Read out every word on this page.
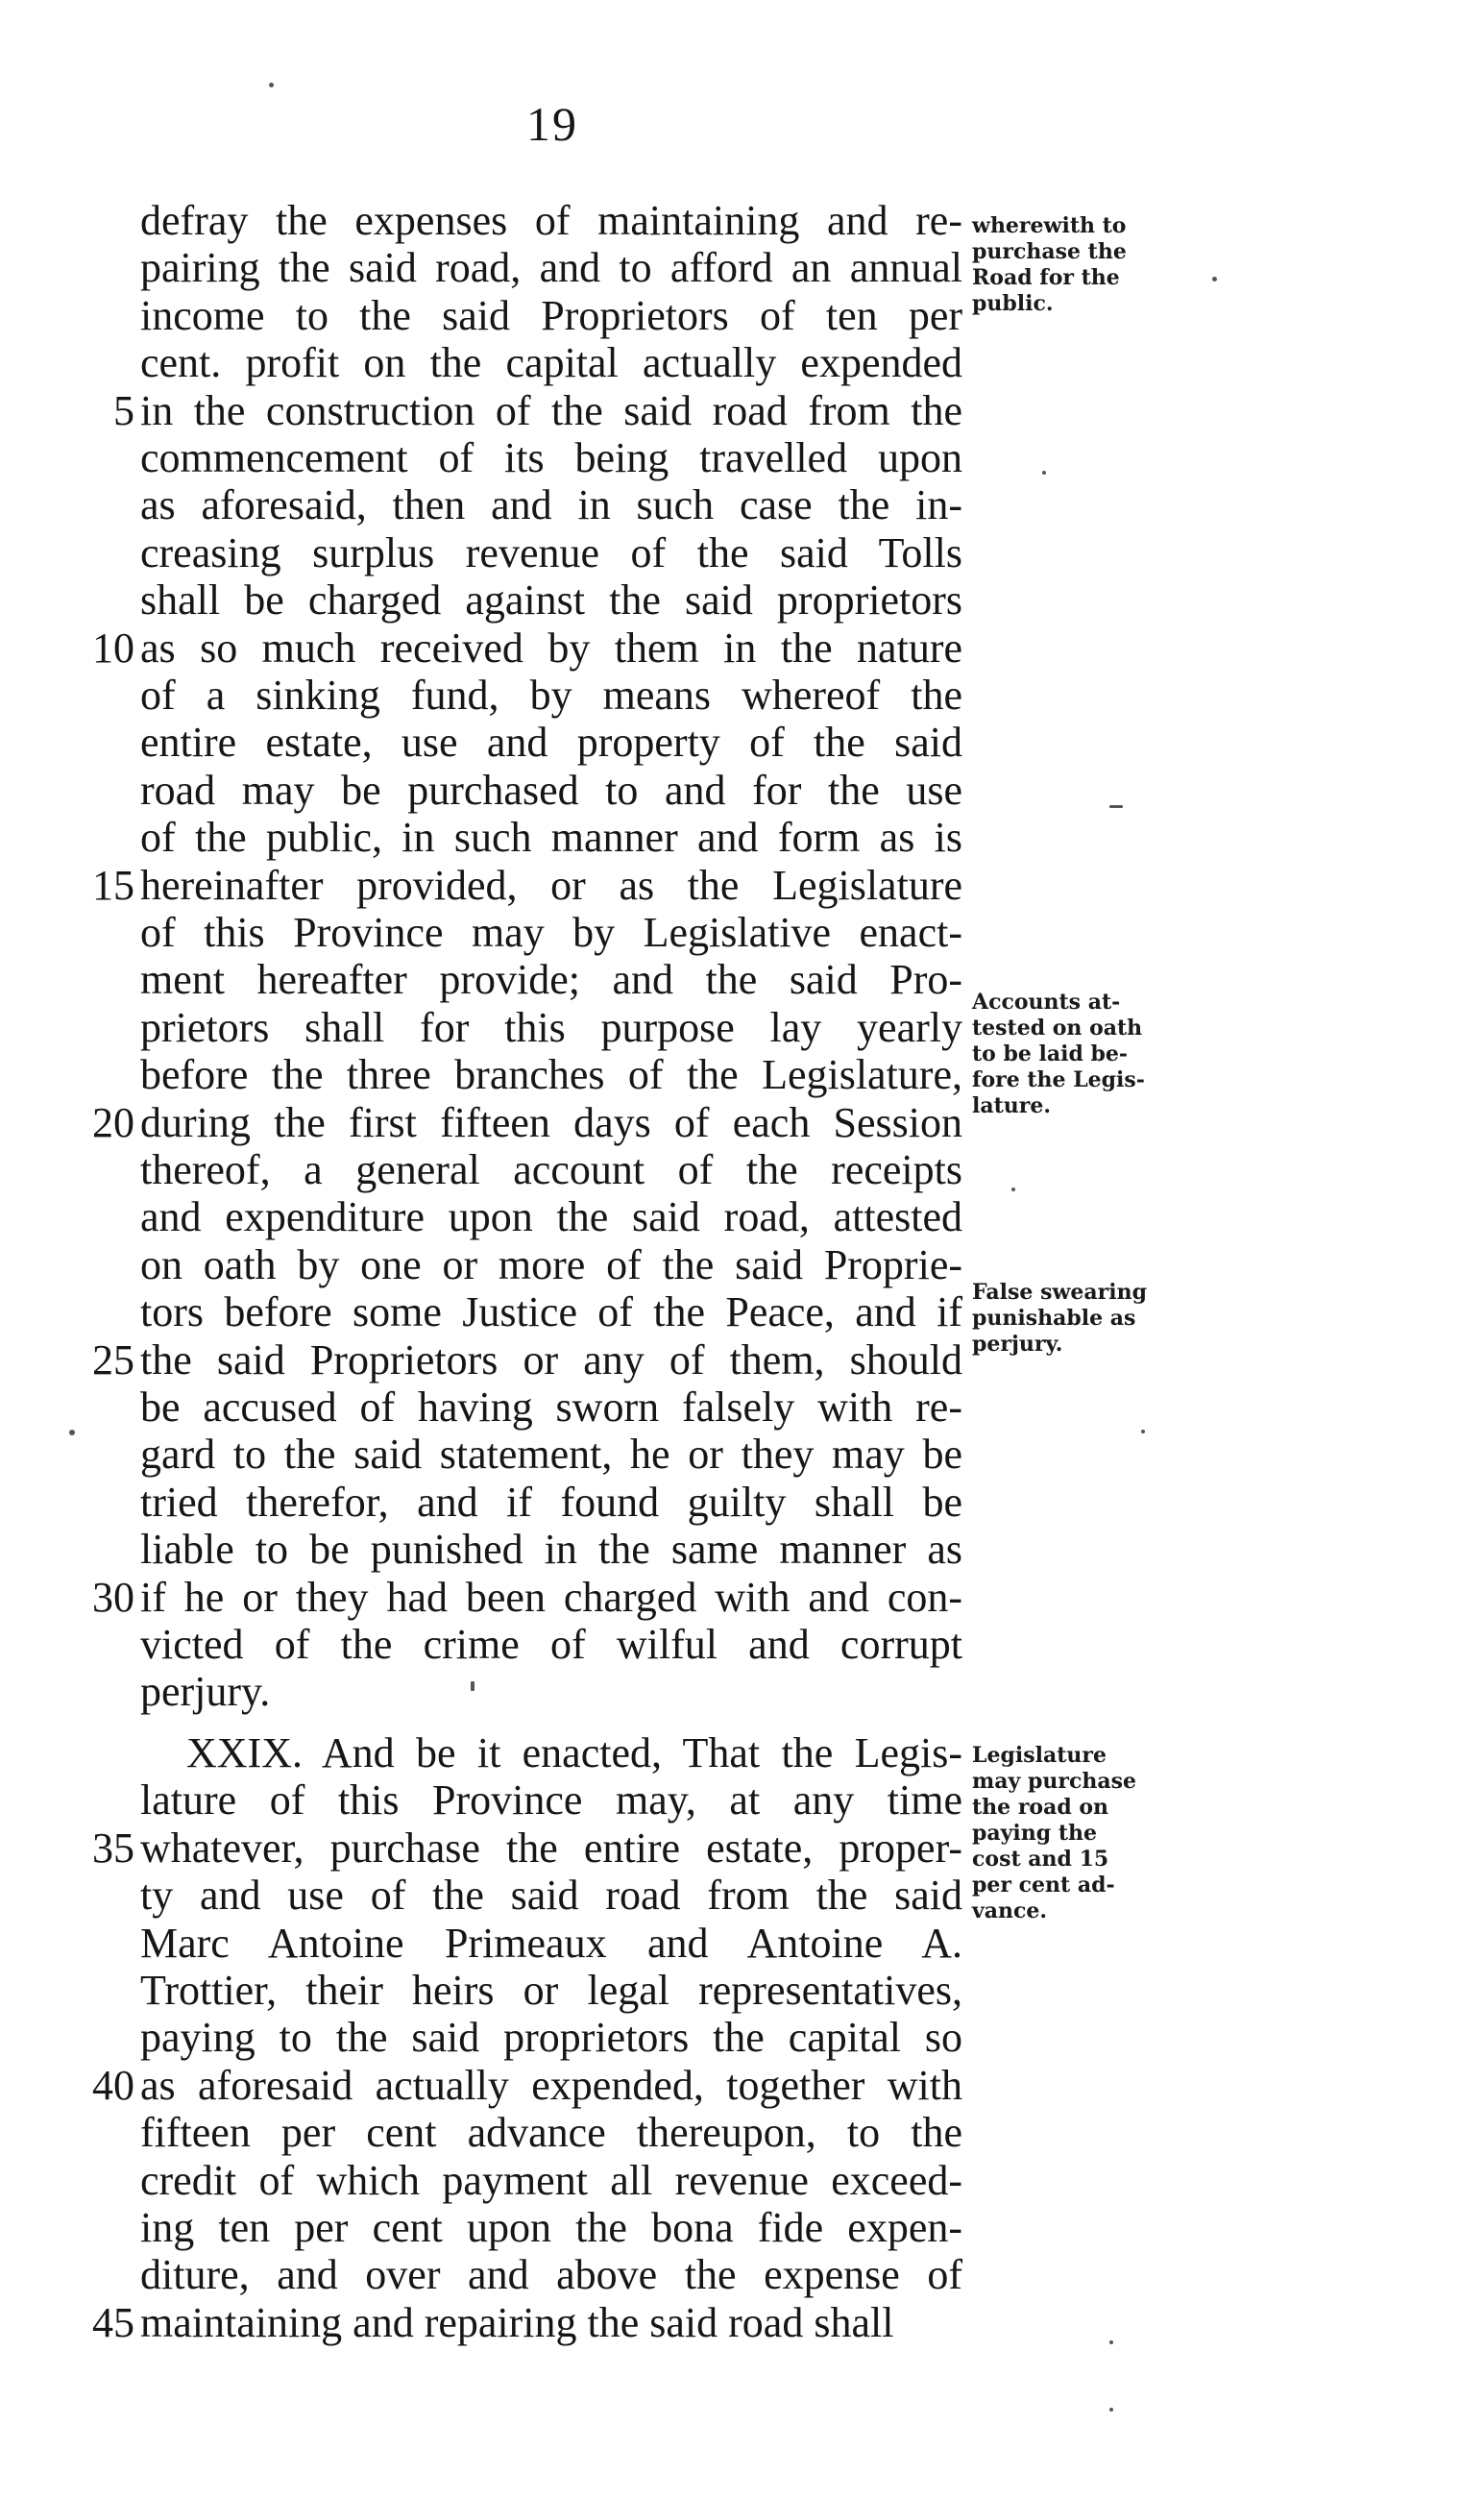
19
defray the expenses of maintaining and re-
pairing the said road, and to afford an annual
income to the said Proprietors of ten per
cent. profit on the capital actually expended
5 in the construction of the said road from the
commencement of its being travelled upon
as aforesaid, then and in such case the in-
creasing surplus revenue of the said Tolls
shall be charged against the said proprietors
10 as so much received by them in the nature
of a sinking fund, by means whereof the
entire estate, use and property of the said
road may be purchased to and for the use
of the public, in such manner and form as is
15 hereinafter provided, or as the Legislature
of this Province may by Legislative enact-
ment hereafter provide; and the said Pro-
prietors shall for this purpose lay yearly
before the three branches of the Legislature,
20 during the first fifteen days of each Session
thereof, a general account of the receipts
and expenditure upon the said road, attested
on oath by one or more of the said Proprie-
tors before some Justice of the Peace, and if
25 the said Proprietors or any of them, should
be accused of having sworn falsely with re-
gard to the said statement, he or they may be
tried therefor, and if found guilty shall be
liable to be punished in the same manner as
30 if he or they had been charged with and con-
victed of the crime of wilful and corrupt
perjury.
XXIX. And be it enacted, That the Legis-
lature of this Province may, at any time
35 whatever, purchase the entire estate, proper-
ty and use of the said road from the said
Marc Antoine Primeaux and Antoine A.
Trottier, their heirs or legal representatives,
paying to the said proprietors the capital so
40 as aforesaid actually expended, together with
fifteen per cent advance thereupon, to the
credit of which payment all revenue exceed-
ing ten per cent upon the bona fide expen-
diture, and over and above the expense of
45 maintaining and repairing the said road shall
wherewith to
purchase the
Road for the
public.
Accounts at-
tested on oath
to be laid be-
fore the Legis-
lature.
False swearing
punishable as
perjury.
Legislature
may purchase
the road on
paying the
cost and 15
per cent ad-
vance.
